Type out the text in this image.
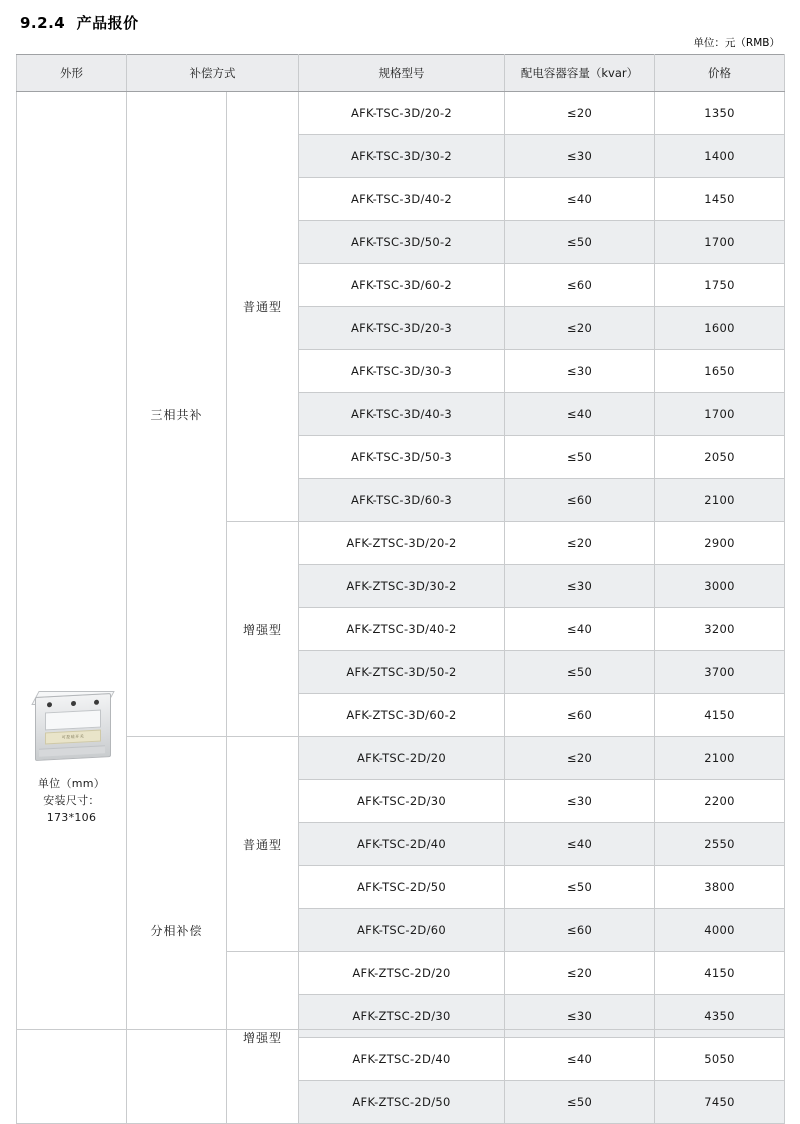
9.2.4 产品报价
单位：元（RMB）
外形	补偿方式		规格型号	配电容器容量（kvar）	价格

可控硅开关
单位（mm）
安装尺寸：
173*106	三相共补	普通型	AFK-TSC-3D/20-2	≤20	1350
			AFK-TSC-3D/30-2	≤30	1400
			AFK-TSC-3D/40-2	≤40	1450
			AFK-TSC-3D/50-2	≤50	1700
			AFK-TSC-3D/60-2	≤60	1750
			AFK-TSC-3D/20-3	≤20	1600
			AFK-TSC-3D/30-3	≤30	1650
			AFK-TSC-3D/40-3	≤40	1700
			AFK-TSC-3D/50-3	≤50	2050
			AFK-TSC-3D/60-3	≤60	2100
		增强型	AFK-ZTSC-3D/20-2	≤20	2900
			AFK-ZTSC-3D/30-2	≤30	3000
			AFK-ZTSC-3D/40-2	≤40	3200
			AFK-ZTSC-3D/50-2	≤50	3700
			AFK-ZTSC-3D/60-2	≤60	4150
	分相补偿	普通型	AFK-TSC-2D/20	≤20	2100
			AFK-TSC-2D/30	≤30	2200
			AFK-TSC-2D/40	≤40	2550
			AFK-TSC-2D/50	≤50	3800
			AFK-TSC-2D/60	≤60	4000
		增强型	AFK-ZTSC-2D/20	≤20	4150
			AFK-ZTSC-2D/30	≤30	4350
			AFK-ZTSC-2D/40	≤40	5050
			AFK-ZTSC-2D/50	≤50	7450
